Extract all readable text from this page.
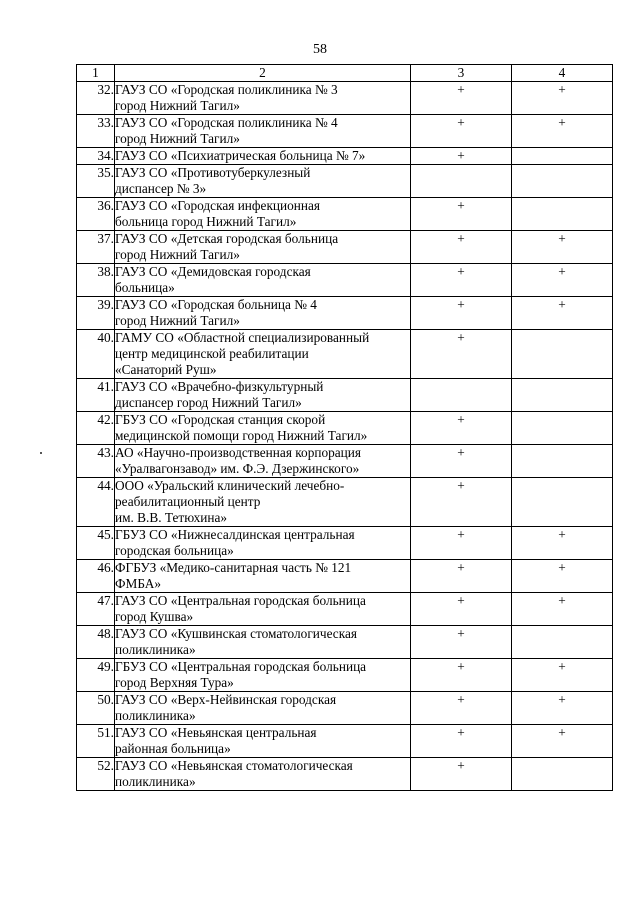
58
1	2	3	4
32.	ГАУЗ СО «Городская поликлиника № 3
город Нижний Тагил»	+	+
33.	ГАУЗ СО «Городская поликлиника № 4
город Нижний Тагил»	+	+
34.	ГАУЗ СО «Психиатрическая больница № 7»	+	
35.	ГАУЗ СО «Противотуберкулезный
диспансер № 3»		

36.	ГАУЗ СО «Городская инфекционная
больница город Нижний Тагил»	+	
37.	ГАУЗ СО «Детская городская больница
город Нижний Тагил»	+	+
38.	ГАУЗ СО «Демидовская городская
больница»	+	+
39.	ГАУЗ СО «Городская больница № 4
город Нижний Тагил»	+	+
40.	ГАМУ СО «Областной специализированный
центр медицинской реабилитации
«Санаторий Руш»	+	
41.	ГАУЗ СО «Врачебно-физкультурный
диспансер город Нижний Тагил»		

42.	ГБУЗ СО «Городская станция скорой
медицинской помощи город Нижний Тагил»	+	
43.	АО «Научно-производственная корпорация
«Уралвагонзавод» им. Ф.Э. Дзержинского»	+	
44.	ООО «Уральский клинический лечебно-
реабилитационный центр
им. В.В. Тетюхина»	+	
45.	ГБУЗ СО «Нижнесалдинская центральная
городская больница»	+	+
46.	ФГБУЗ «Медико-санитарная часть № 121
ФМБА»	+	+
47.	ГАУЗ СО «Центральная городская больница
город Кушва»	+	+
48.	ГАУЗ СО «Кушвинская стоматологическая
поликлиника»	+	
49.	ГБУЗ СО «Центральная городская больница
город Верхняя Тура»	+	+
50.	ГАУЗ СО «Верх-Нейвинская городская
поликлиника»	+	+
51.	ГАУЗ СО «Невьянская центральная
районная больница»	+	+
52.	ГАУЗ СО «Невьянская стоматологическая
поликлиника»	+	
